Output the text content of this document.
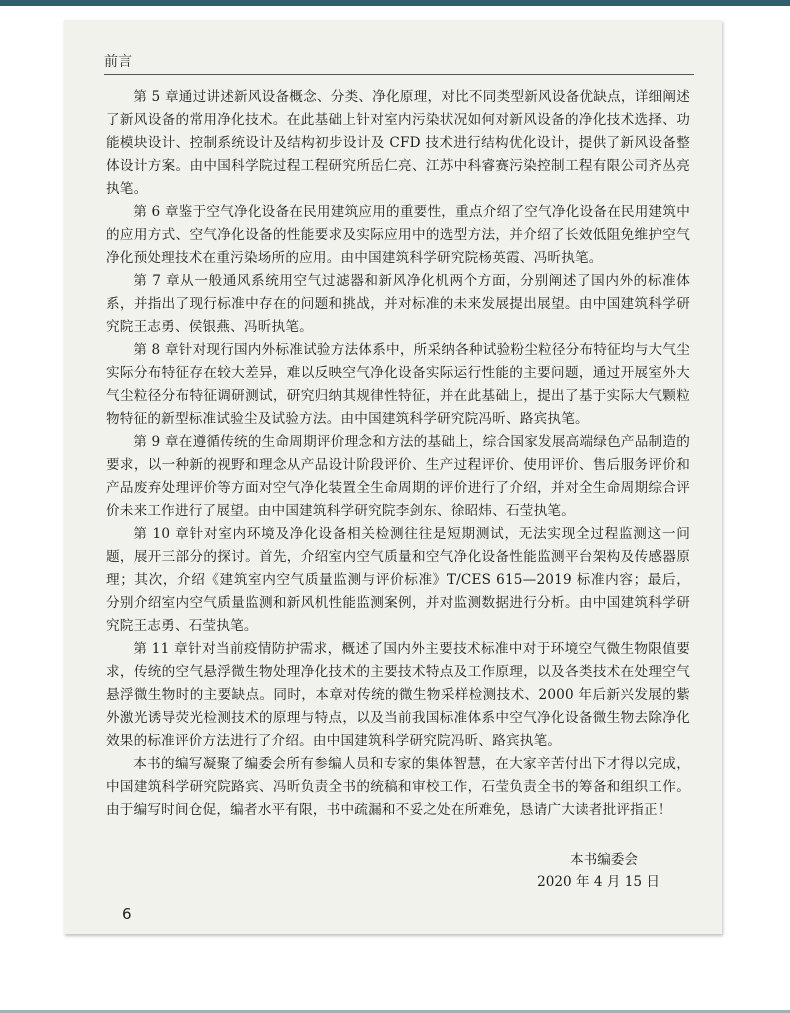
前言

第 5 章通过讲述新风设备概念、分类、净化原理，对比不同类型新风设备优缺点，详细阐述了新风设备的常用净化技术。在此基础上针对室内污染状况如何对新风设备的净化技术选择、功能模块设计、控制系统设计及结构初步设计及 CFD 技术进行结构优化设计，提供了新风设备整体设计方案。由中国科学院过程工程研究所岳仁亮、江苏中科睿赛污染控制工程有限公司齐丛亮执笔。

第 6 章鉴于空气净化设备在民用建筑应用的重要性，重点介绍了空气净化设备在民用建筑中的应用方式、空气净化设备的性能要求及实际应用中的选型方法，并介绍了长效低阻免维护空气净化预处理技术在重污染场所的应用。由中国建筑科学研究院杨英霞、冯昕执笔。

第 7 章从一般通风系统用空气过滤器和新风净化机两个方面，分别阐述了国内外的标准体系，并指出了现行标准中存在的问题和挑战，并对标准的未来发展提出展望。由中国建筑科学研究院王志勇、侯银燕、冯昕执笔。

第 8 章针对现行国内外标准试验方法体系中，所采纳各种试验粉尘粒径分布特征均与大气尘实际分布特征存在较大差异，难以反映空气净化设备实际运行性能的主要问题，通过开展室外大气尘粒径分布特征调研测试，研究归纳其规律性特征，并在此基础上，提出了基于实际大气颗粒物特征的新型标准试验尘及试验方法。由中国建筑科学研究院冯昕、路宾执笔。

第 9 章在遵循传统的生命周期评价理念和方法的基础上，综合国家发展高端绿色产品制造的要求，以一种新的视野和理念从产品设计阶段评价、生产过程评价、使用评价、售后服务评价和产品废弃处理评价等方面对空气净化装置全生命周期的评价进行了介绍，并对全生命周期综合评价未来工作进行了展望。由中国建筑科学研究院李剑东、徐昭炜、石莹执笔。

第 10 章针对室内环境及净化设备相关检测往往是短期测试，无法实现全过程监测这一问题，展开三部分的探讨。首先，介绍室内空气质量和空气净化设备性能监测平台架构及传感器原理；其次，介绍《建筑室内空气质量监测与评价标准》T/CES 615—2019 标准内容；最后，分别介绍室内空气质量监测和新风机性能监测案例，并对监测数据进行分析。由中国建筑科学研究院王志勇、石莹执笔。

第 11 章针对当前疫情防护需求，概述了国内外主要技术标准中对于环境空气微生物限值要求，传统的空气悬浮微生物处理净化技术的主要技术特点及工作原理，以及各类技术在处理空气悬浮微生物时的主要缺点。同时，本章对传统的微生物采样检测技术、2000 年后新兴发展的紫外激光诱导荧光检测技术的原理与特点，以及当前我国标准体系中空气净化设备微生物去除净化效果的标准评价方法进行了介绍。由中国建筑科学研究院冯昕、路宾执笔。

本书的编写凝聚了编委会所有参编人员和专家的集体智慧，在大家辛苦付出下才得以完成，中国建筑科学研究院路宾、冯昕负责全书的统稿和审校工作，石莹负责全书的筹备和组织工作。由于编写时间仓促，编者水平有限，书中疏漏和不妥之处在所难免，恳请广大读者批评指正！

本书编委会
2020 年 4 月 15 日
6
